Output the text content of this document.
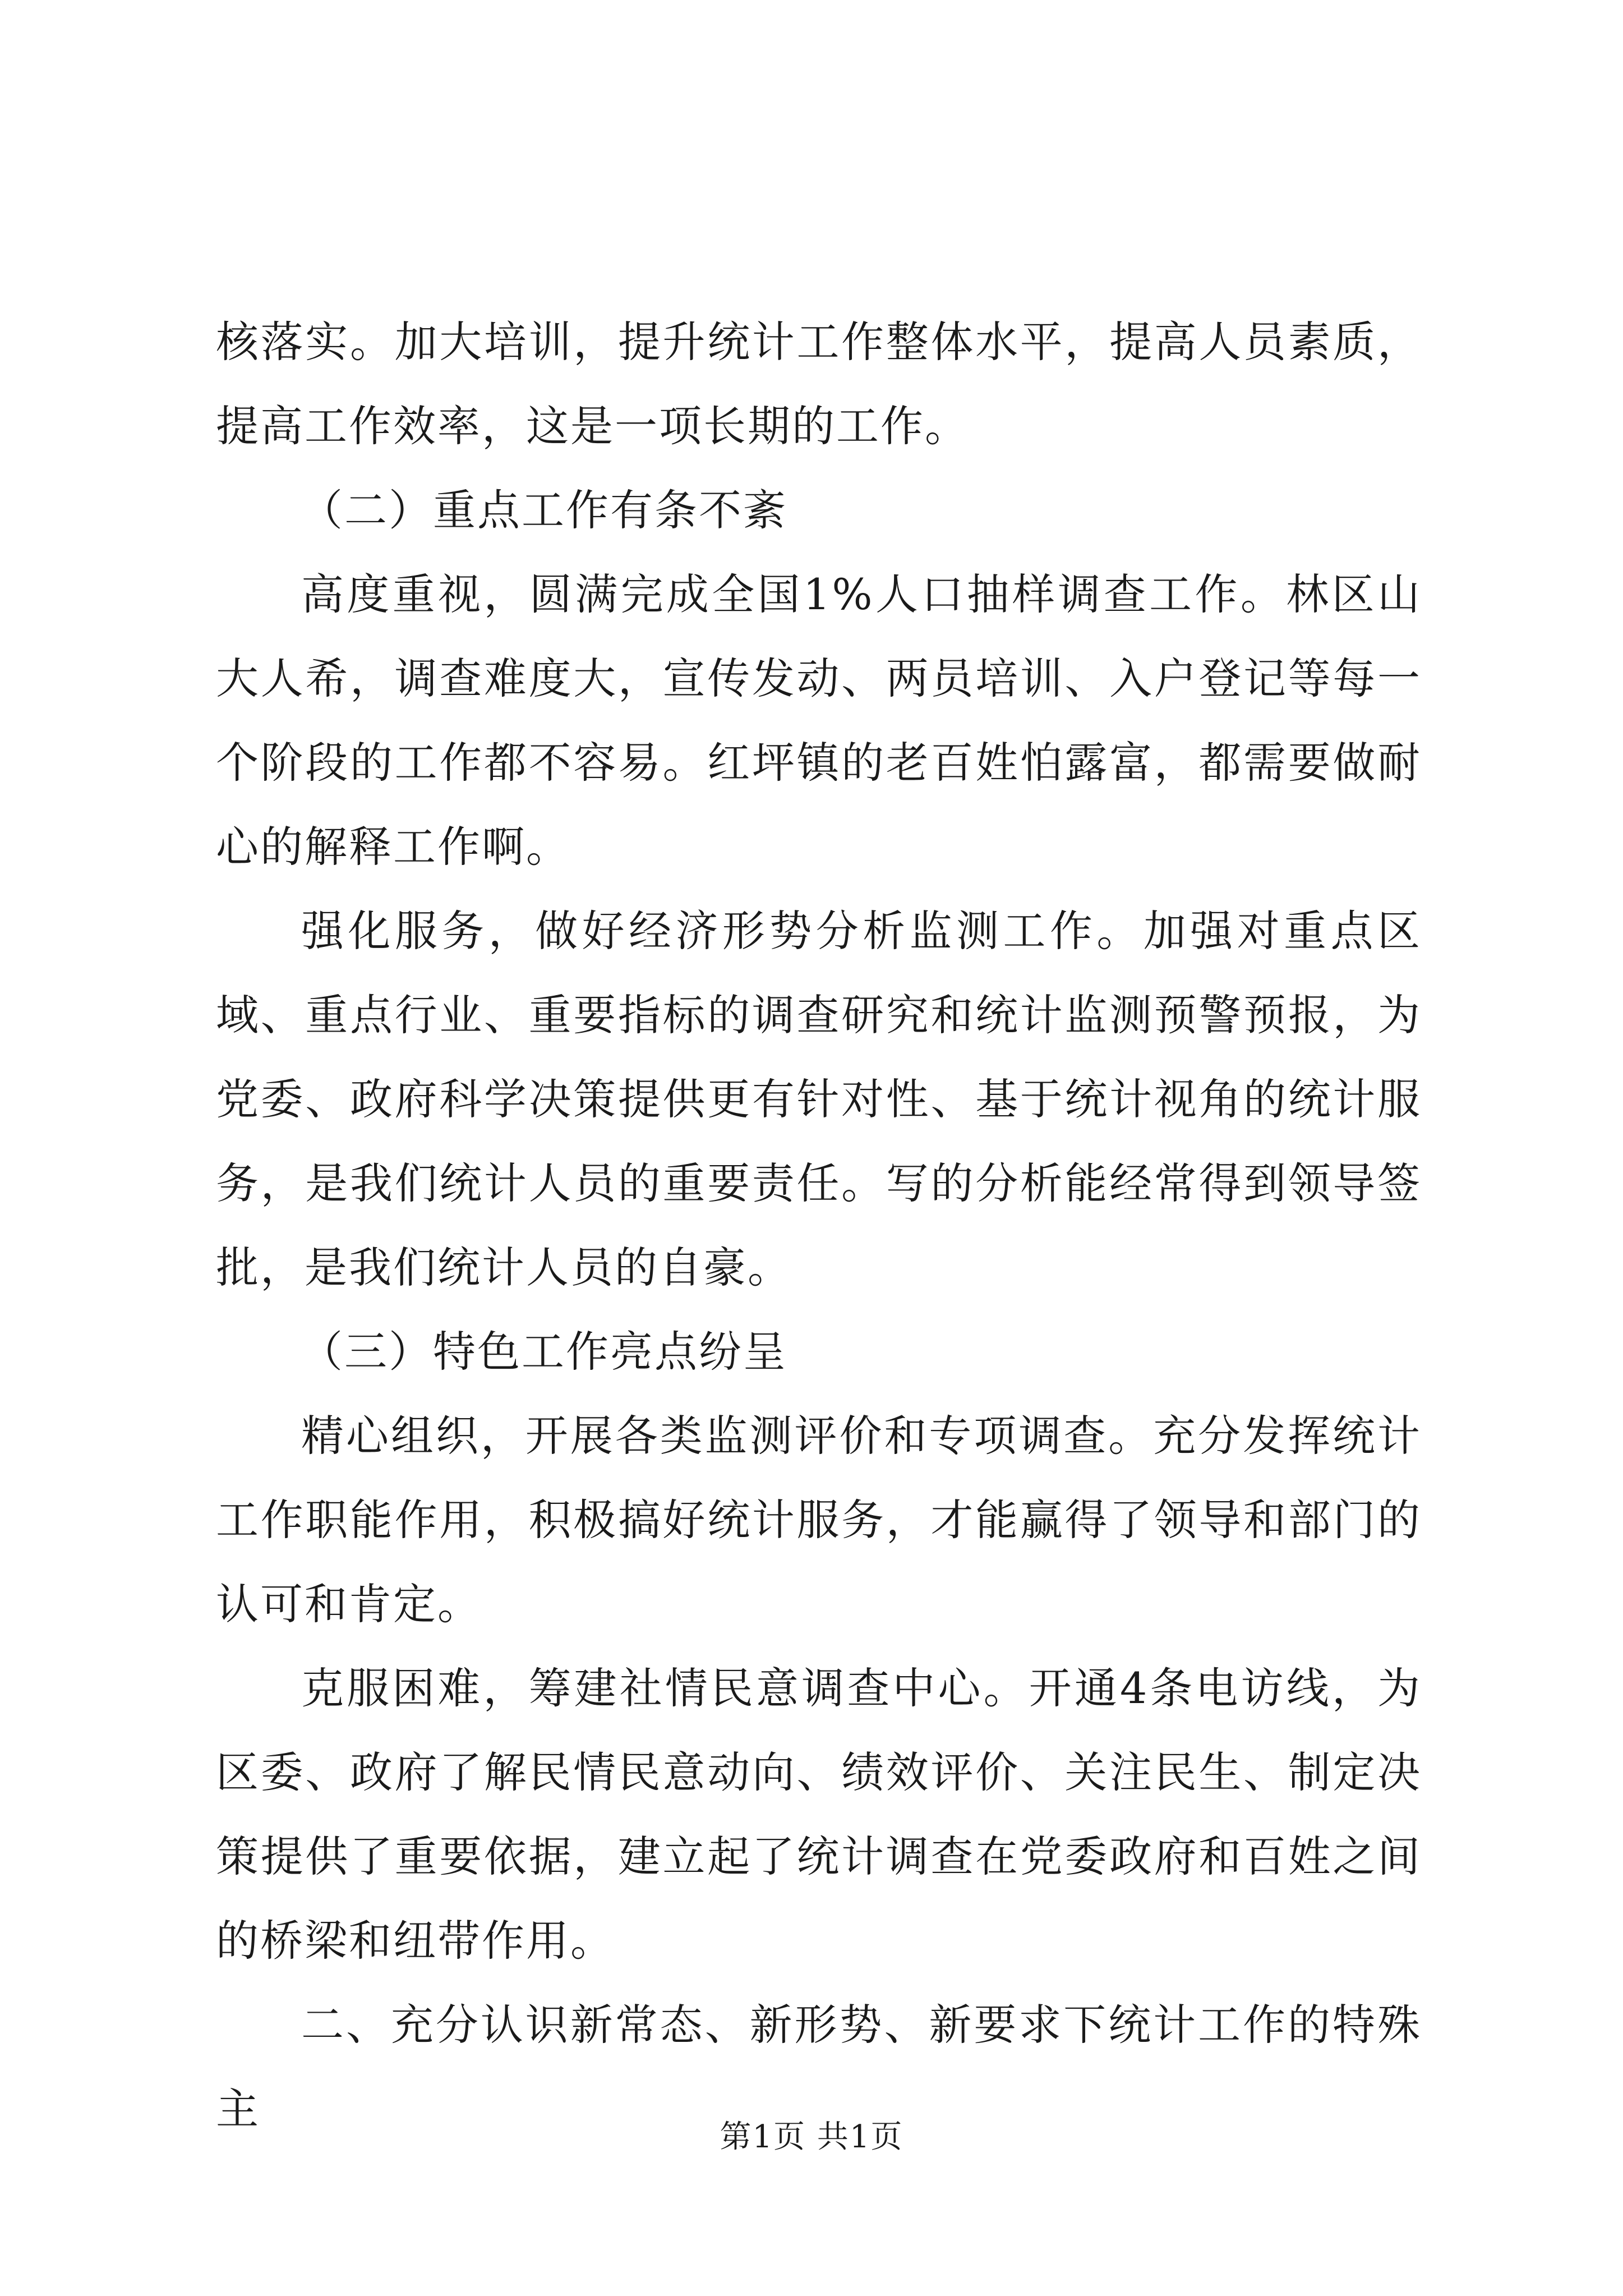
核落实。加大培训，提升统计工作整体水平，提高人员素质，提高工作效率，这是一项长期的工作。

（二）重点工作有条不紊

高度重视，圆满完成全国1%人口抽样调查工作。林区山大人希，调查难度大，宣传发动、两员培训、入户登记等每一个阶段的工作都不容易。红坪镇的老百姓怕露富，都需要做耐心的解释工作啊。

强化服务，做好经济形势分析监测工作。加强对重点区域、重点行业、重要指标的调查研究和统计监测预警预报，为党委、政府科学决策提供更有针对性、基于统计视角的统计服务，是我们统计人员的重要责任。写的分析能经常得到领导签批，是我们统计人员的自豪。

（三）特色工作亮点纷呈

精心组织，开展各类监测评价和专项调查。充分发挥统计工作职能作用，积极搞好统计服务，才能赢得了领导和部门的认可和肯定。

克服困难，筹建社情民意调查中心。开通4条电访线，为区委、政府了解民情民意动向、绩效评价、关注民生、制定决策提供了重要依据，建立起了统计调查在党委政府和百姓之间的桥梁和纽带作用。

二、充分认识新常态、新形势、新要求下统计工作的特殊主

第1页 共1页
